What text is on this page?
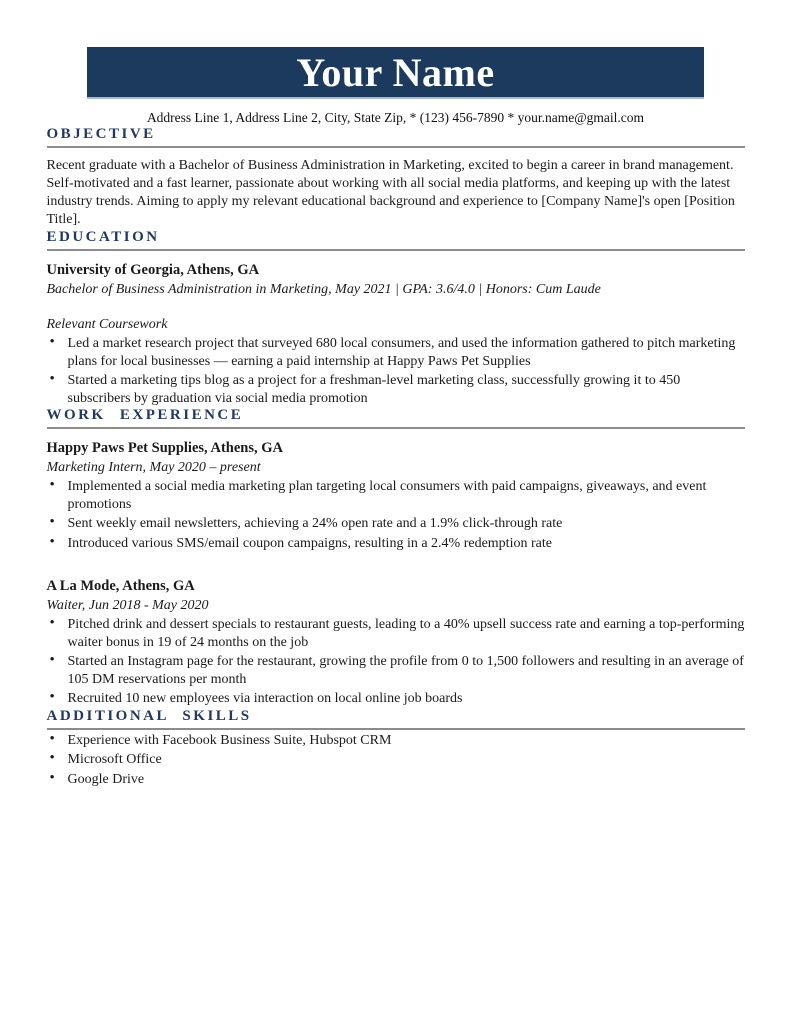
Your Name

Address Line 1, Address Line 2, City, State Zip, * (123) 456-7890 * your.name@gmail.com

OBJECTIVE

Recent graduate with a Bachelor of Business Administration in Marketing, excited to begin a career in brand management. Self-motivated and a fast learner, passionate about working with all social media platforms, and keeping up with the latest industry trends. Aiming to apply my relevant educational background and experience to [Company Name]'s open [Position Title].

EDUCATION

University of Georgia, Athens, GA

Bachelor of Business Administration in Marketing, May 2021 | GPA: 3.6/4.0 | Honors: Cum Laude

Relevant Coursework

• Led a market research project that surveyed 680 local consumers, and used the information gathered to pitch marketing plans for local businesses — earning a paid internship at Happy Paws Pet Supplies
• Started a marketing tips blog as a project for a freshman-level marketing class, successfully growing it to 450 subscribers by graduation via social media promotion
WORK EXPERIENCE

Happy Paws Pet Supplies, Athens, GA

Marketing Intern, May 2020 – present

• Implemented a social media marketing plan targeting local consumers with paid campaigns, giveaways, and event promotions
• Sent weekly email newsletters, achieving a 24% open rate and a 1.9% click-through rate
• Introduced various SMS/email coupon campaigns, resulting in a 2.4% redemption rate

A La Mode, Athens, GA

Waiter, Jun 2018 - May 2020

• Pitched drink and dessert specials to restaurant guests, leading to a 40% upsell success rate and earning a top-performing waiter bonus in 19 of 24 months on the job
• Started an Instagram page for the restaurant, growing the profile from 0 to 1,500 followers and resulting in an average of 105 DM reservations per month
• Recruited 10 new employees via interaction on local online job boards
ADDITIONAL SKILLS
• Experience with Facebook Business Suite, Hubspot CRM
• Microsoft Office
• Google Drive
